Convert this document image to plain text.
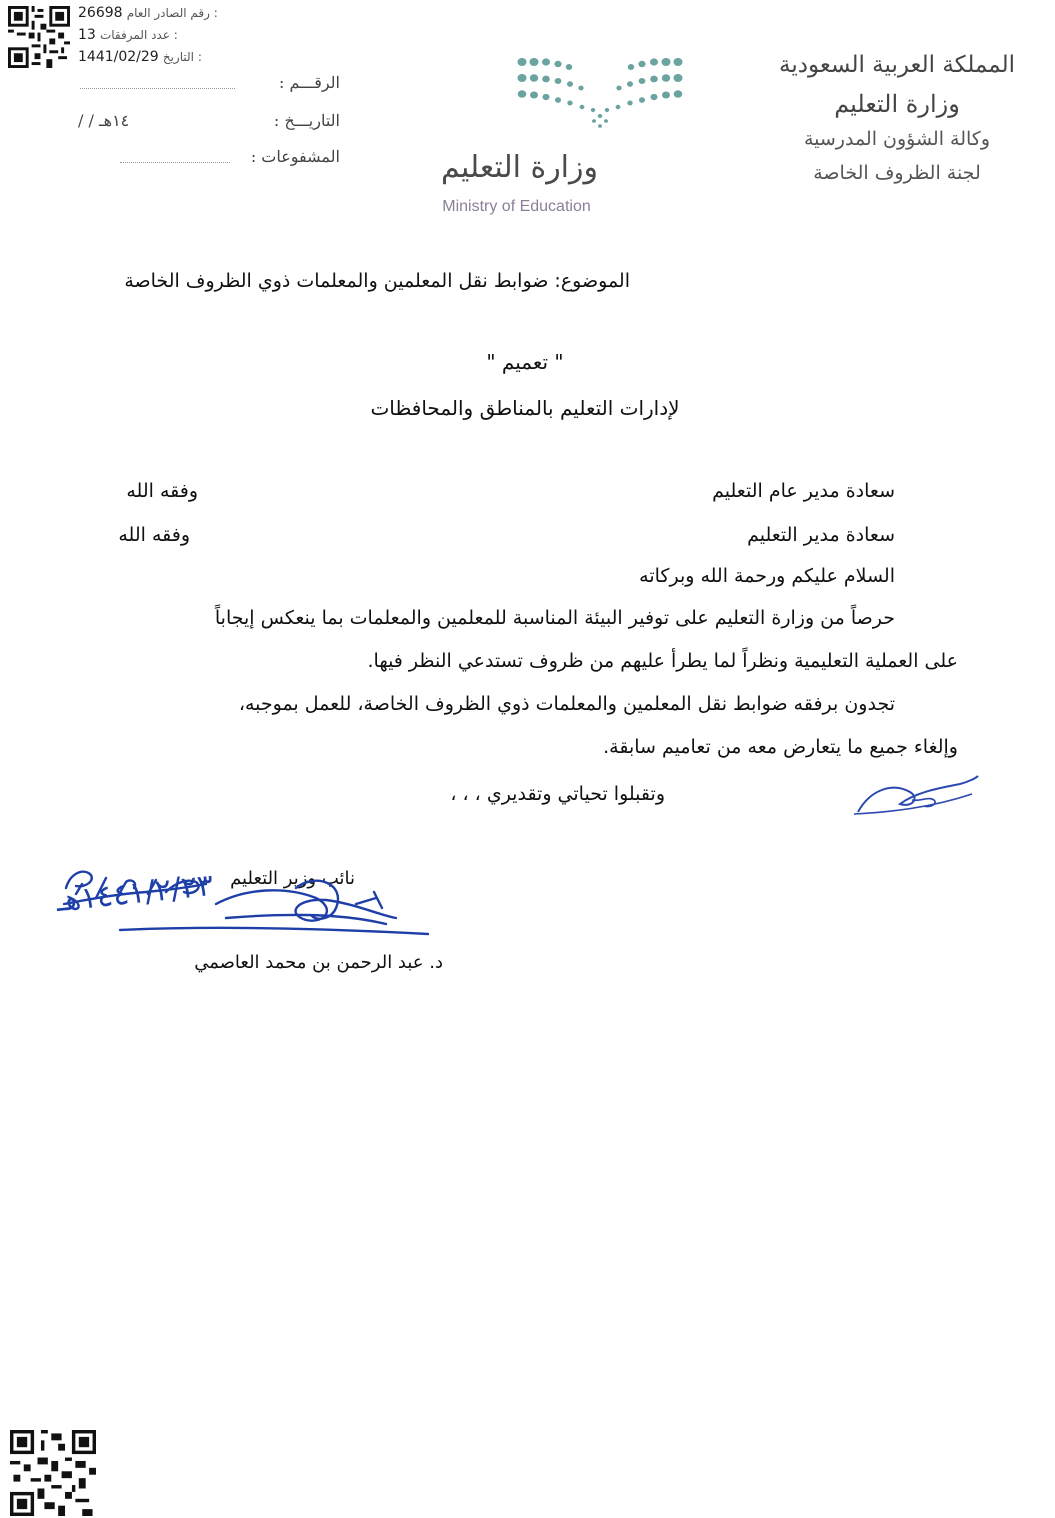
26698 رقم الصادر العام :
13 عدد المرفقات :
1441/02/29 التاريخ :	المملكة العربية السعودية
وزارة التعليم
وكالة الشؤون المدرسية
لجنة الظروف الخاصة
الرقـــم :
التاريـــخ :
/ / ١٤هـ
المشفوعات :	وزارة التعليم
Ministry of Education
الموضوع: ضوابط نقل المعلمين والمعلمات ذوي الظروف الخاصة
" تعميم "
لإدارات التعليم بالمناطق والمحافظات
سعادة مدير عام التعليم
وفقه الله
سعادة مدير التعليم
وفقه الله
السلام عليكم ورحمة الله وبركاته
حرصاً من وزارة التعليم على توفير البيئة المناسبة للمعلمين والمعلمات بما ينعكس إيجاباً
على العملية التعليمية ونظراً لما يطرأ عليهم من ظروف تستدعي النظر فيها.
تجدون برفقه ضوابط نقل المعلمين والمعلمات ذوي الظروف الخاصة، للعمل بموجبه،
وإلغاء جميع ما يتعارض معه من تعاميم سابقة.
وتقبلوا تحياتي وتقديري ، ، ،
نائب وزير التعليم
١٤٤١/٢/٢٣هـ
د. عبد الرحمن بن محمد العاصمي
